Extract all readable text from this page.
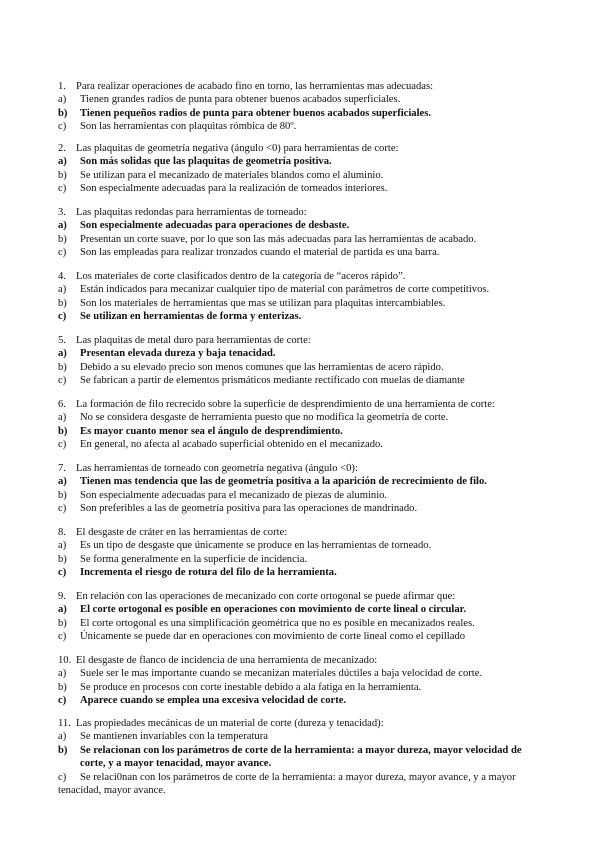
1. Para realizar operaciones de acabado fino en torno, las herramientas mas adecuadas:
a)	Tienen grandes radios de punta para obtener buenos acabados superficiales.
b)	Tienen pequeños radios de punta para obtener buenos acabados superficiales.
c)	Son las herramientas con plaquitas rómbica de 80º.
2. Las plaquitas de geometría negativa (ángulo <0) para herramientas de corte:
a)	Son más solidas que las plaquitas de geometría positiva.
b)	Se utilizan para el mecanizado de materiales blandos como el aluminio.
c)	Son especialmente adecuadas para la realización de torneados interiores.
3. Las plaquitas redondas para herramientas de torneado:
a)	Son especialmente adecuadas para operaciones de desbaste.
b)	Presentan un corte suave, por lo que son las más adecuadas para las herramientas de acabado.
c)	Son las empleadas para realizar tronzados cuando el material de partida es una barra.
4. Los materiales de corte clasificados dentro de la categoría de “aceros rápido”.
a)	Están indicados para mecanizar cualquier tipo de material con parámetros de corte competitivos.
b)	Son los materiales de herramientas que mas se utilizan para plaquitas intercambiables.
c)	Se utilizan en herramientas de forma y enterizas.
5. Las plaquitas de metal duro para herramientas de corte:
a)	Presentan elevada dureza y baja tenacidad.
b)	Debido a su elevado precio son menos comunes que las herramientas de acero rápido.
c)	Se fabrican a partir de elementos prismáticos mediante rectificado con muelas de diamante
6. La formación de filo recrecido sobre la superficie de desprendimiento de una herramienta de corte:
a)	No se considera desgaste de herramienta puesto que no modifica la geometría de corte.
b)	Es mayor cuanto menor sea el ángulo de desprendimiento.
c)	En general, no afecta al acabado superficial obtenido en el mecanizado.
7. Las herramientas de torneado con geometría negativa (ángulo <0):
a)	Tienen mas tendencia que las de geometría positiva a la aparición de recrecimiento de filo.
b)	Son especialmente adecuadas para el mecanizado de piezas de aluminio.
c)	Son preferibles a las de geometría positiva para las operaciones de mandrinado.
8. El desgaste de cráter en las herramientas de corte:
a)	Es un tipo de desgaste que únicamente se produce en las herramientas de torneado.
b)	Se forma generalmente en la superficie de incidencia.
c)	Incrementa el riesgo de rotura del filo de la herramienta.
9. En relación con las operaciones de mecanizado con corte ortogonal se puede afirmar que:
a)	El corte ortogonal es posible en operaciones con movimiento de corte lineal o circular.
b)	El corte ortogonal es una simplificación geométrica que no es posible en mecanizados reales.
c)	Únicamente se puede dar en operaciones con movimiento de corte lineal como el cepillado
10. El desgaste de flanco de incidencia de una herramienta de mecanizado:
a)	Suele ser le mas importante cuando se mecanizan materiales dúctiles a baja velocidad de corte.
b)	Se produce en procesos con corte inestable debido a ala fatiga en la herramienta.
c)	Aparece cuando se emplea una excesiva velocidad de corte.
11. Las propiedades mecánicas de un material de corte (dureza y tenacidad):
a)	Se mantienen invariables con la temperatura
b)	Se relacionan con los parámetros de corte de la herramienta: a mayor dureza, mayor velocidad de
corte, y a mayor tenacidad, mayor avance.
c)	Se relaci0nan con los parámetros de corte de la herramienta: a mayor dureza, mayor avance, y a mayor
tenacidad, mayor avance.
